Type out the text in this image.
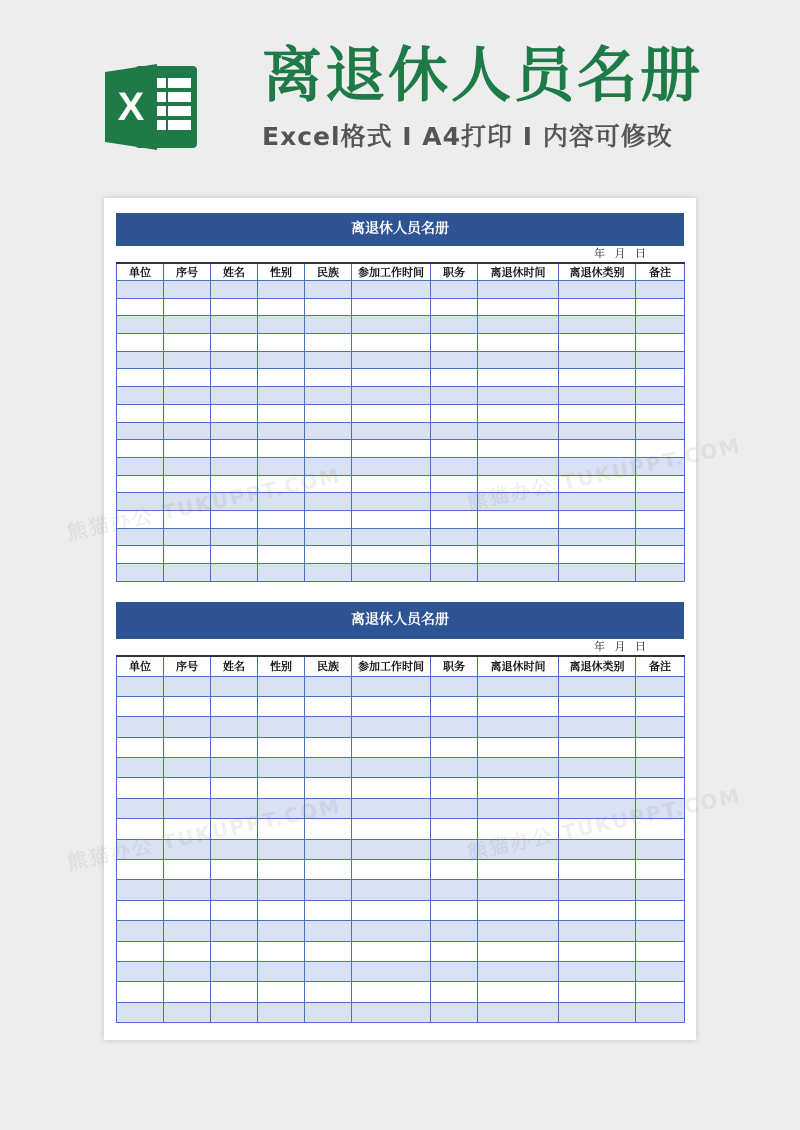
X 离退休人员名册
Excel格式 I A4打印 I 内容可修改
离退休人员名册
年 月 日
单位	序号	姓名	性别	民族	参加工作时间	职务	离退休时间	离退休类别	备注

离退休人员名册
年 月 日
单位	序号	姓名	性别	民族	参加工作时间	职务	离退休时间	离退休类别	备注

熊猫办公
熊猫办公
